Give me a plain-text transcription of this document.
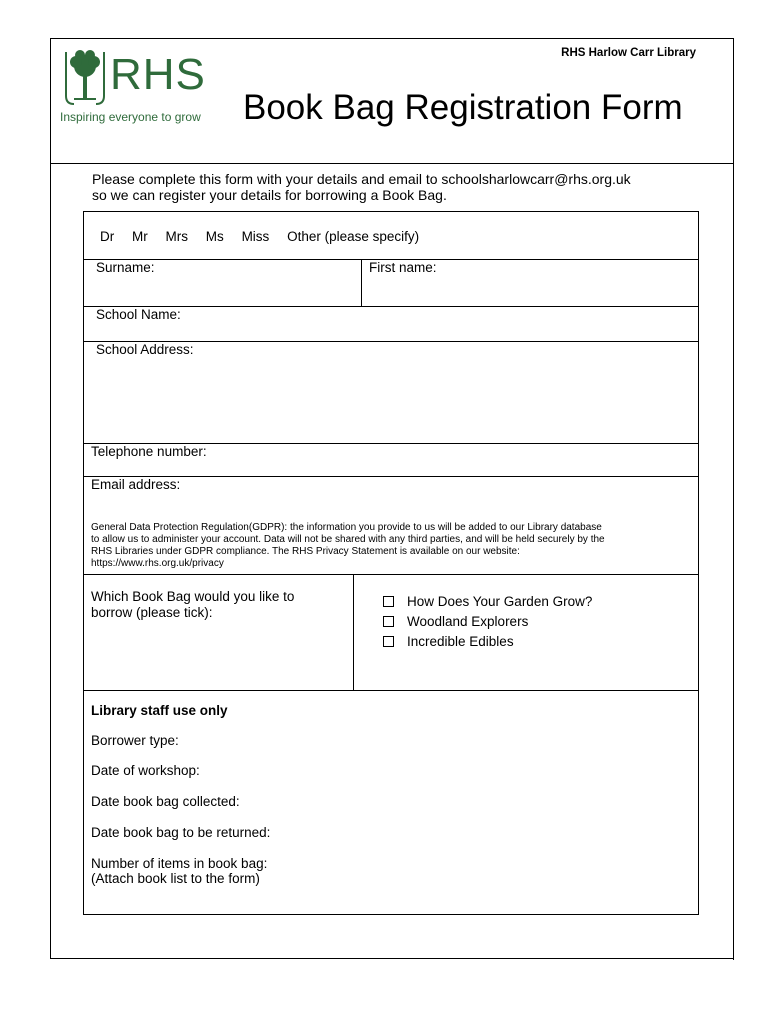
RHS
Inspiring everyone to grow
RHS Harlow Carr Library
Book Bag Registration Form
Please complete this form with your details and email to schoolsharlowcarr@rhs.org.uk
so we can register your details for borrowing a Book Bag.
Dr Mr Mrs Ms Miss Other (please specify)
Surname:	First name:
School Name:
School Address:
Telephone number:
Email address:
General Data Protection Regulation(GDPR): the information you provide to us will be added to our Library database
to allow us to administer your account. Data will not be shared with any third parties, and will be held securely by the
RHS Libraries under GDPR compliance. The RHS Privacy Statement is available on our website:
https://www.rhs.org.uk/privacy
Which Book Bag would you like to
borrow (please tick):
How Does Your Garden Grow?
Woodland Explorers
Incredible Edibles
Library staff use only
Borrower type:
Date of workshop:
Date book bag collected:
Date book bag to be returned:
Number of items in book bag:
(Attach book list to the form)
